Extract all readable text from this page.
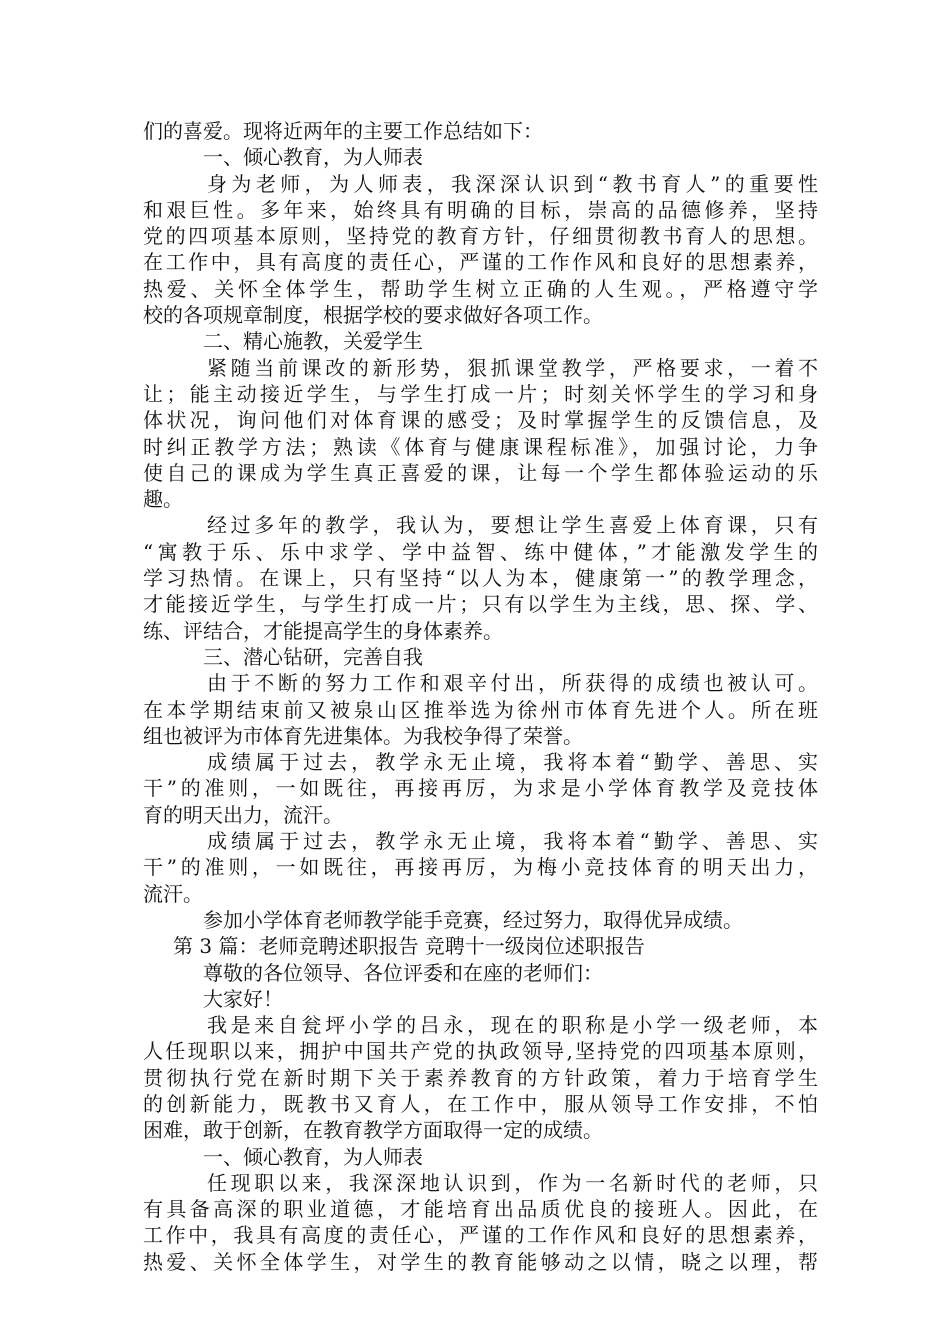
们的喜爱。现将近两年的主要工作总结如下：
一、倾心教育，为人师表
身为老师，为人师表，我深深认识到“教书育人”的重要性
和艰巨性。多年来，始终具有明确的目标，崇高的品德修养，坚持
党的四项基本原则，坚持党的教育方针，仔细贯彻教书育人的思想。
在工作中，具有高度的责任心，严谨的工作作风和良好的思想素养，
热爱、关怀全体学生，帮助学生树立正确的人生观。，严格遵守学
校的各项规章制度，根据学校的要求做好各项工作。
二、精心施教，关爱学生
紧随当前课改的新形势，狠抓课堂教学，严格要求，一着不
让；能主动接近学生，与学生打成一片；时刻关怀学生的学习和身
体状况，询问他们对体育课的感受；及时掌握学生的反馈信息，及
时纠正教学方法；熟读《体育与健康课程标准》，加强讨论，力争
使自己的课成为学生真正喜爱的课，让每一个学生都体验运动的乐
趣。
经过多年的教学，我认为，要想让学生喜爱上体育课，只有
“寓教于乐、乐中求学、学中益智、练中健体，”才能激发学生的
学习热情。在课上，只有坚持“以人为本，健康第一”的教学理念，
才能接近学生，与学生打成一片；只有以学生为主线，思、探、学、
练、评结合，才能提高学生的身体素养。
三、潜心钻研，完善自我
由于不断的努力工作和艰辛付出，所获得的成绩也被认可。
在本学期结束前又被泉山区推举选为徐州市体育先进个人。所在班
组也被评为市体育先进集体。为我校争得了荣誉。
成绩属于过去，教学永无止境，我将本着“勤学、善思、实
干”的准则，一如既往，再接再厉，为求是小学体育教学及竞技体
育的明天出力，流汗。
成绩属于过去，教学永无止境，我将本着“勤学、善思、实
干”的准则，一如既往，再接再厉，为梅小竞技体育的明天出力，
流汗。
参加小学体育老师教学能手竞赛，经过努力，取得优异成绩。
第 3 篇：老师竞聘述职报告 竞聘十一级岗位述职报告
尊敬的各位领导、各位评委和在座的老师们：
大家好！
我是来自瓮坪小学的吕永，现在的职称是小学一级老师，本
人任现职以来，拥护中国共产党的执政领导,坚持党的四项基本原则，
贯彻执行党在新时期下关于素养教育的方针政策，着力于培育学生
的创新能力，既教书又育人，在工作中，服从领导工作安排，不怕
困难，敢于创新，在教育教学方面取得一定的成绩。
一、倾心教育，为人师表
任现职以来，我深深地认识到，作为一名新时代的老师，只
有具备高深的职业道德，才能培育出品质优良的接班人。因此，在
工作中，我具有高度的责任心，严谨的工作作风和良好的思想素养，
热爱、关怀全体学生，对学生的教育能够动之以情，晓之以理，帮
